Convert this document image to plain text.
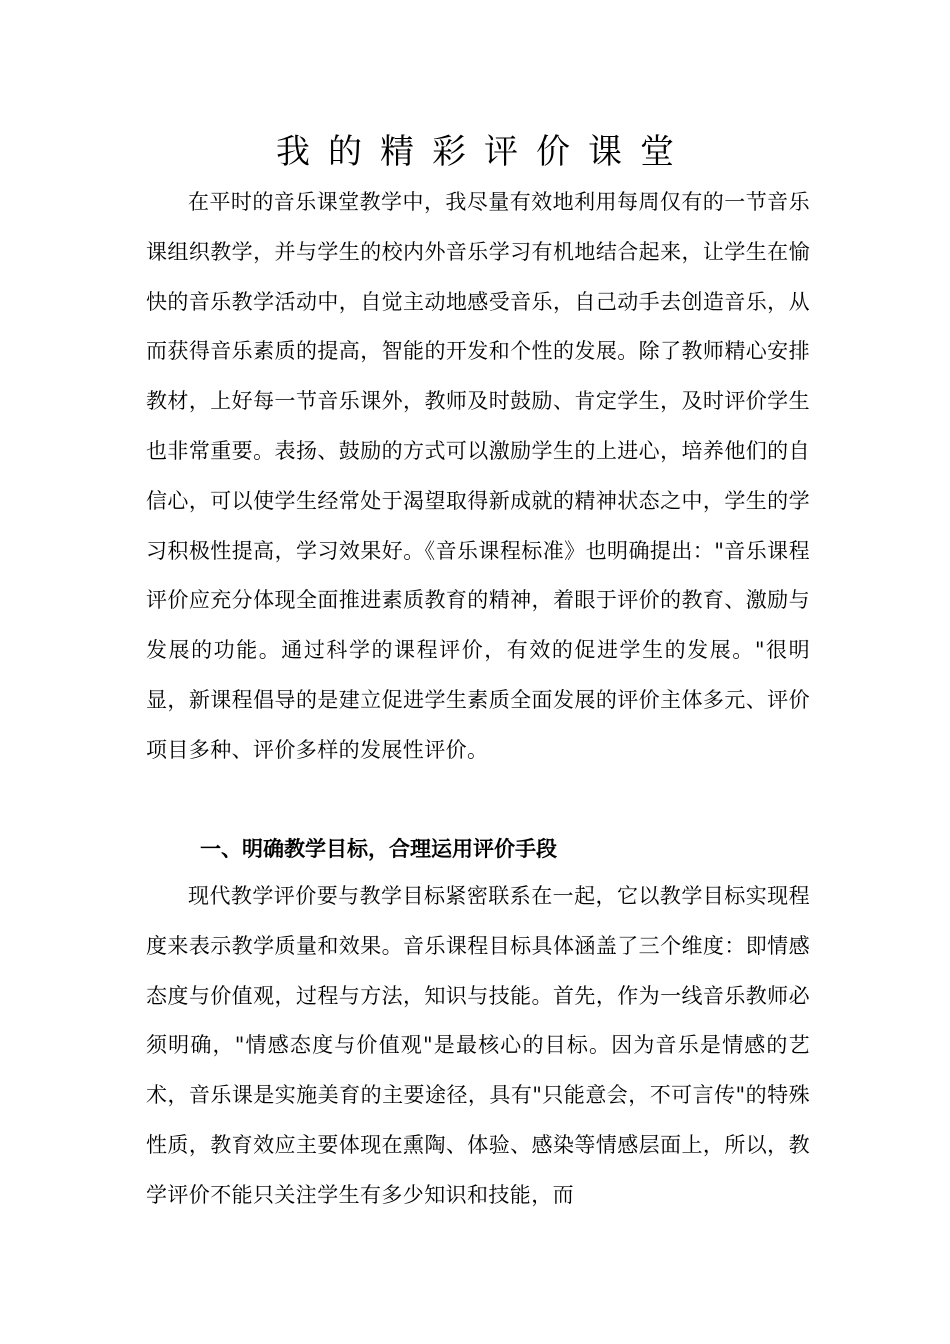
我的精彩评价课堂

在平时的音乐课堂教学中，我尽量有效地利用每周仅有的一节音乐课组织教学，并与学生的校内外音乐学习有机地结合起来，让学生在愉快的音乐教学活动中，自觉主动地感受音乐，自己动手去创造音乐，从而获得音乐素质的提高，智能的开发和个性的发展。除了教师精心安排教材，上好每一节音乐课外，教师及时鼓励、肯定学生，及时评价学生也非常重要。表扬、鼓励的方式可以激励学生的上进心，培养他们的自信心，可以使学生经常处于渴望取得新成就的精神状态之中，学生的学习积极性提高，学习效果好。《音乐课程标准》也明确提出："音乐课程评价应充分体现全面推进素质教育的精神，着眼于评价的教育、激励与发展的功能。通过科学的课程评价，有效的促进学生的发展。"很明显，新课程倡导的是建立促进学生素质全面发展的评价主体多元、评价项目多种、评价多样的发展性评价。

一、明确教学目标，合理运用评价手段

现代教学评价要与教学目标紧密联系在一起，它以教学目标实现程度来表示教学质量和效果。音乐课程目标具体涵盖了三个维度：即情感态度与价值观，过程与方法，知识与技能。首先，作为一线音乐教师必须明确，"情感态度与价值观"是最核心的目标。因为音乐是情感的艺术，音乐课是实施美育的主要途径，具有"只能意会，不可言传"的特殊性质，教育效应主要体现在熏陶、体验、感染等情感层面上，所以，教学评价不能只关注学生有多少知识和技能，而
